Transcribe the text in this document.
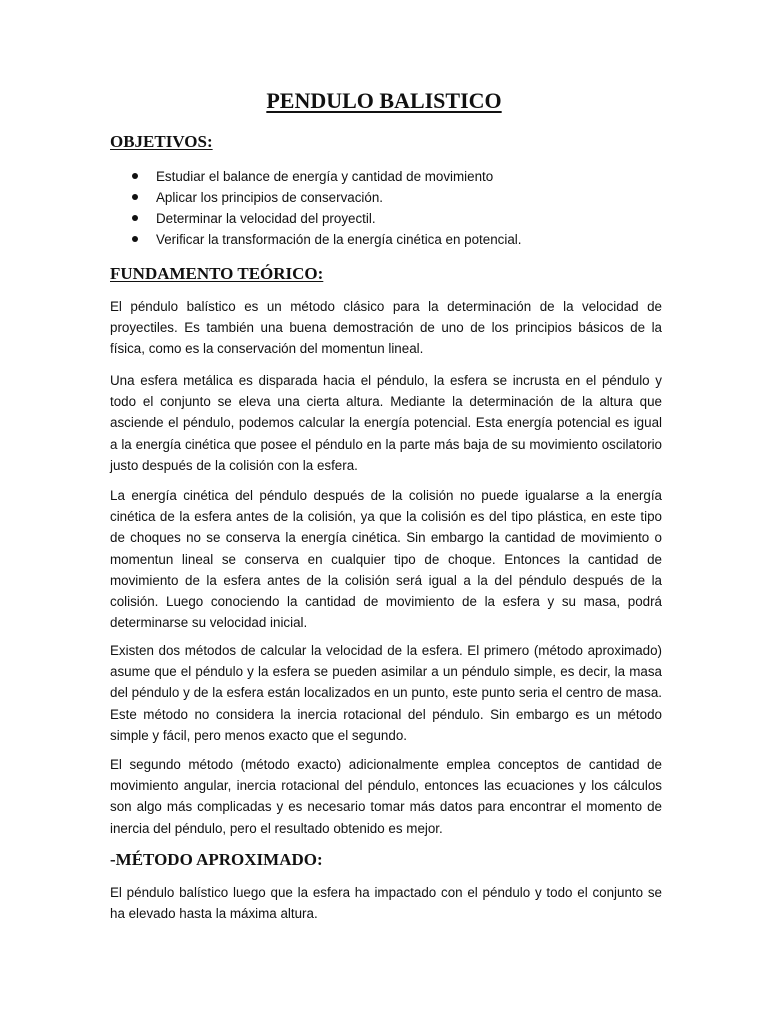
PENDULO BALISTICO
OBJETIVOS:
Estudiar el balance de energía y cantidad de movimiento
Aplicar los principios de conservación.
Determinar la velocidad del proyectil.
Verificar la transformación de la energía cinética en potencial.
FUNDAMENTO TEÓRICO:

El péndulo balístico es un método clásico para la determinación de la velocidad de proyectiles. Es también una buena demostración de uno de los principios básicos de la física, como es la conservación del momentun lineal.

Una esfera metálica es disparada hacia el péndulo, la esfera se incrusta en el péndulo y todo el conjunto se eleva una cierta altura. Mediante la determinación de la altura que asciende el péndulo, podemos calcular la energía potencial. Esta energía potencial es igual a la energía cinética que posee el péndulo en la parte más baja de su movimiento oscilatorio justo después de la colisión con la esfera.

La energía cinética del péndulo después de la colisión no puede igualarse a la energía cinética de la esfera antes de la colisión, ya que la colisión es del tipo plástica, en este tipo de choques no se conserva la energía cinética. Sin embargo la cantidad de movimiento o momentun lineal se conserva en cualquier tipo de choque. Entonces la cantidad de movimiento de la esfera antes de la colisión será igual a la del péndulo después de la colisión. Luego conociendo la cantidad de movimiento de la esfera y su masa, podrá determinarse su velocidad inicial.

Existen dos métodos de calcular la velocidad de la esfera. El primero (método aproximado) asume que el péndulo y la esfera se pueden asimilar a un péndulo simple, es decir, la masa del péndulo y de la esfera están localizados en un punto, este punto seria el centro de masa. Este método no considera la inercia rotacional del péndulo. Sin embargo es un método simple y fácil, pero menos exacto que el segundo.

El segundo método (método exacto) adicionalmente emplea conceptos de cantidad de movimiento angular, inercia rotacional del péndulo, entonces las ecuaciones y los cálculos son algo más complicadas y es necesario tomar más datos para encontrar el momento de inercia del péndulo, pero el resultado obtenido es mejor.

-MÉTODO APROXIMADO:

El péndulo balístico luego que la esfera ha impactado con el péndulo y todo el conjunto se ha elevado hasta la máxima altura.
